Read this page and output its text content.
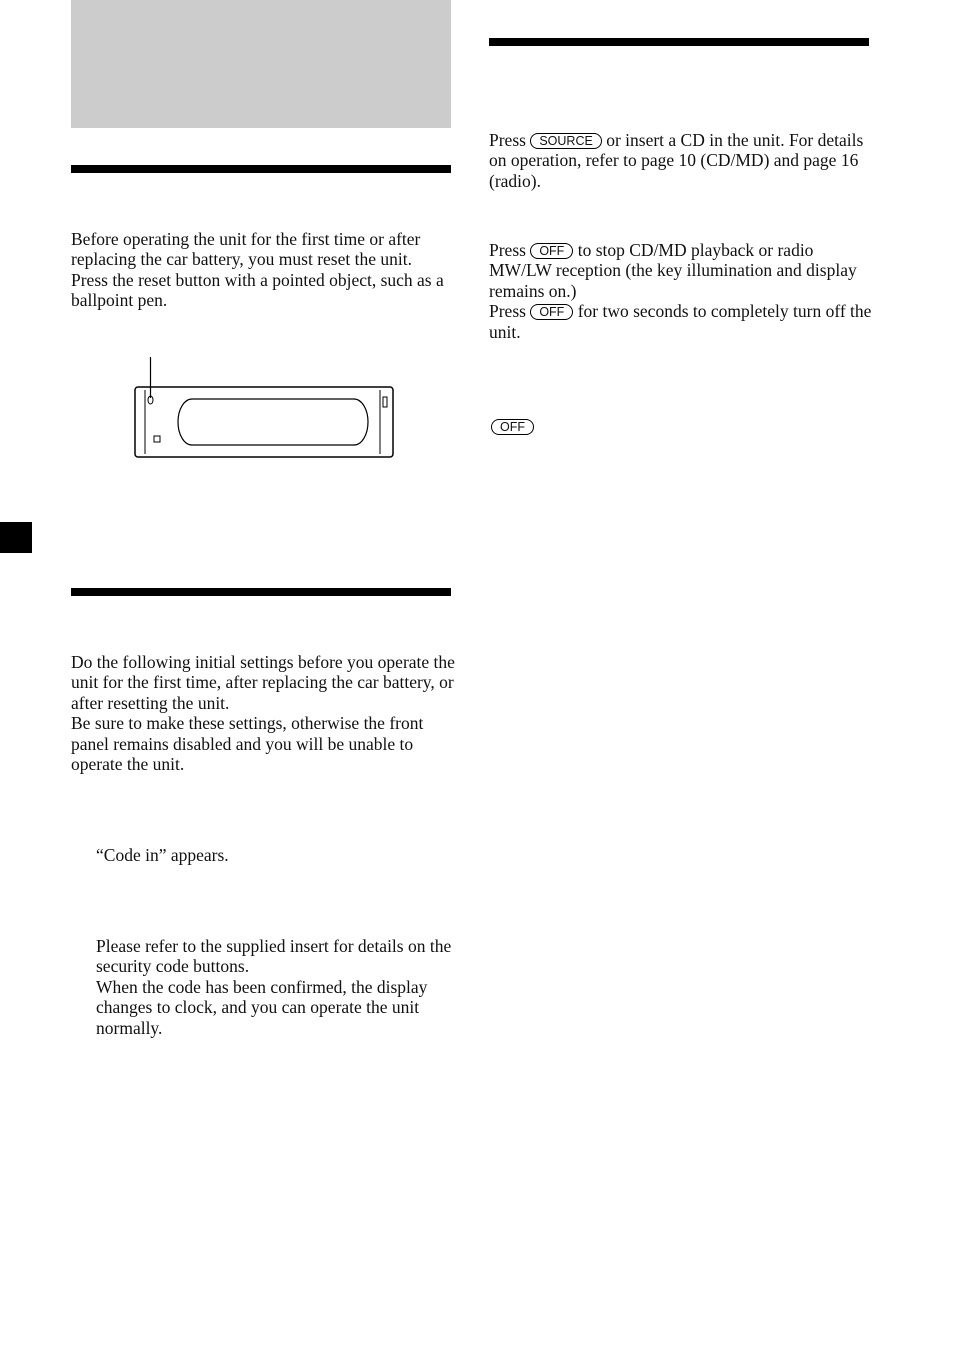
Before operating the unit for the first time or after replacing the car battery, you must reset the unit.

Press the reset button with a pointed object, such as a ballpoint pen.

Do the following initial settings before you operate the unit for the first time, after replacing the car battery, or after resetting the unit.

Be sure to make these settings, otherwise the front panel remains disabled and you will be unable to operate the unit.

“Code in” appears.

Please refer to the supplied insert for details on the security code buttons.

When the code has been confirmed, the display changes to clock, and you can operate the unit normally.

Press SOURCE or insert a CD in the unit. For details on operation, refer to page 10 (CD/MD) and page 16 (radio).

Press OFF to stop CD/MD playback or radio MW/LW reception (the key illumination and display remains on.)

Press OFF for two seconds to completely turn off the unit.

OFF
